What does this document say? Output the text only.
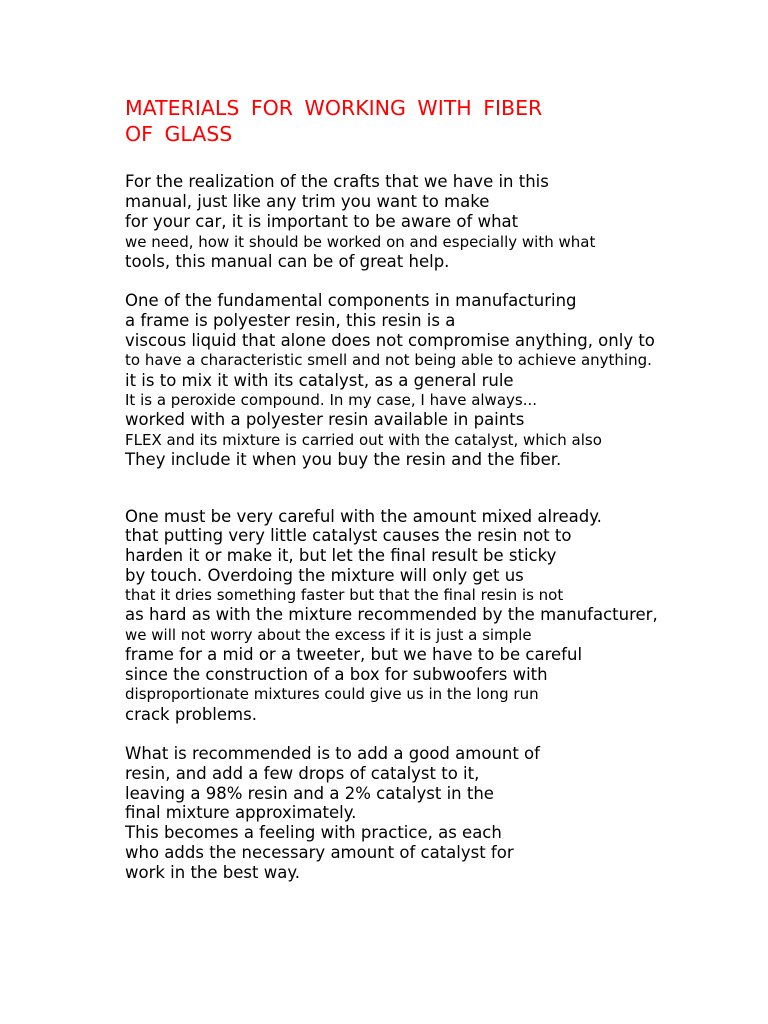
MATERIALS FOR WORKING WITH FIBER
OF GLASS
For the realization of the crafts that we have in this
manual, just like any trim you want to make
for your car, it is important to be aware of what
we need, how it should be worked on and especially with what
tools, this manual can be of great help.
One of the fundamental components in manufacturing
a frame is polyester resin, this resin is a
viscous liquid that alone does not compromise anything, only to
to have a characteristic smell and not being able to achieve anything.
it is to mix it with its catalyst, as a general rule
It is a peroxide compound. In my case, I have always...
worked with a polyester resin available in paints
FLEX and its mixture is carried out with the catalyst, which also
They include it when you buy the resin and the fiber.
One must be very careful with the amount mixed already.
that putting very little catalyst causes the resin not to
harden it or make it, but let the final result be sticky
by touch. Overdoing the mixture will only get us
that it dries something faster but that the final resin is not
as hard as with the mixture recommended by the manufacturer,
we will not worry about the excess if it is just a simple
frame for a mid or a tweeter, but we have to be careful
since the construction of a box for subwoofers with
disproportionate mixtures could give us in the long run
crack problems.
What is recommended is to add a good amount of
resin, and add a few drops of catalyst to it,
leaving a 98% resin and a 2% catalyst in the
final mixture approximately.
This becomes a feeling with practice, as each
who adds the necessary amount of catalyst for
work in the best way.
